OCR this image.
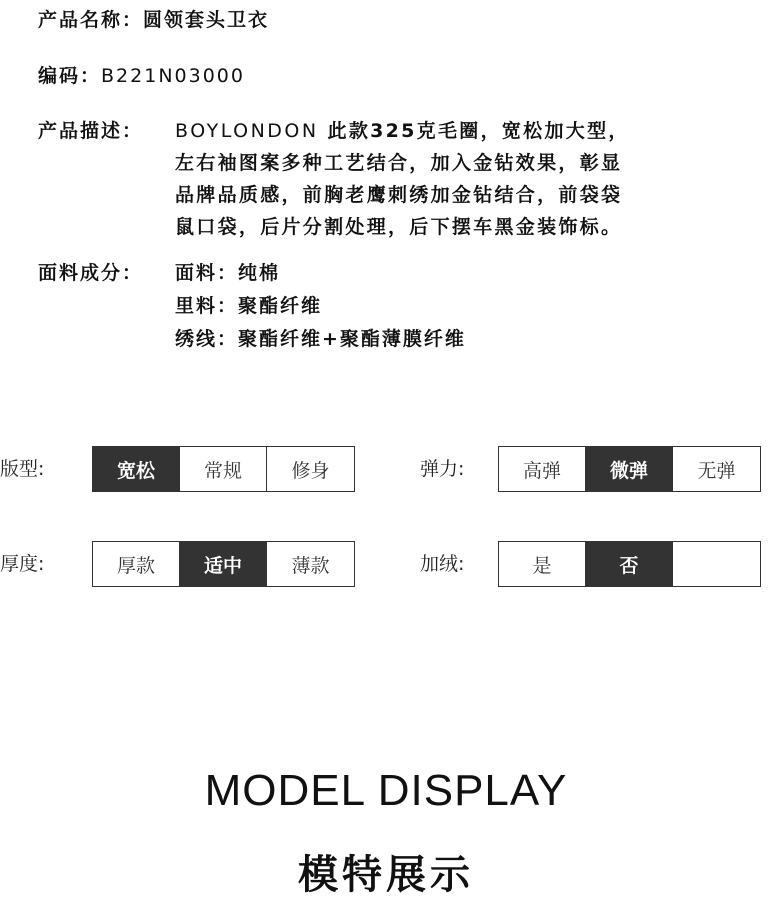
产品名称：圆领套头卫衣
编码：B221N03000
产品描述： BOYLONDON 此款325克毛圈，宽松加大型，
左右袖图案多种工艺结合，加入金钻效果，彰显
品牌品质感，前胸老鹰刺绣加金钻结合，前袋袋
鼠口袋，后片分割处理，后下摆车黑金装饰标。
面料成分： 面料：纯棉
里料：聚酯纤维
绣线：聚酯纤维+聚酯薄膜纤维
版型:	宽松	常规	修身	弹力:	高弹	微弹	无弹
厚度:	厚款	适中	薄款	加绒:	是	否
MODEL DISPLAY
模特展示
